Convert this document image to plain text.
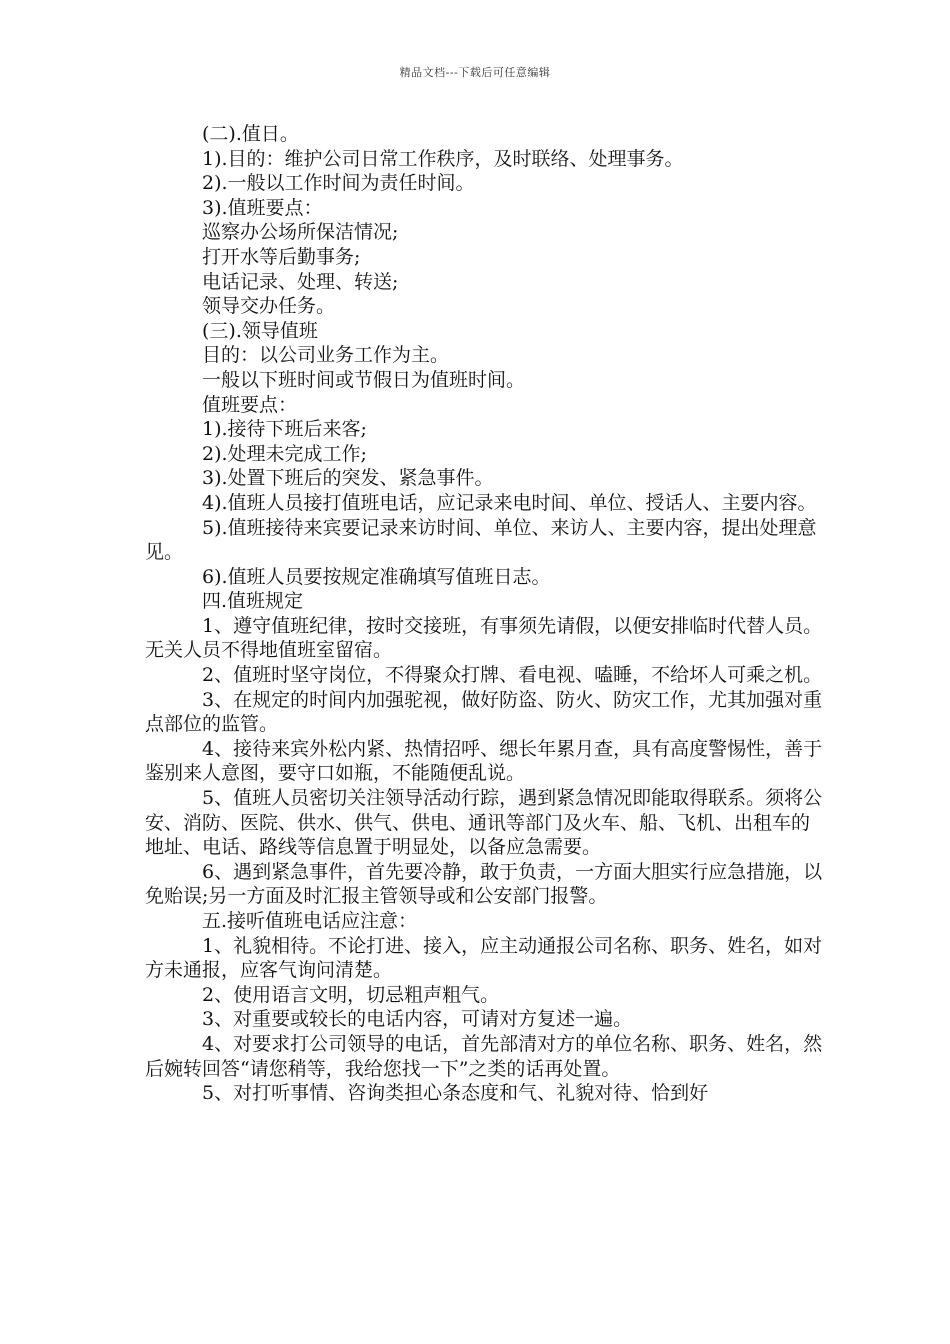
精品文档---下载后可任意编辑

(二).值日。

1).目的：维护公司日常工作秩序，及时联络、处理事务。

2).一般以工作时间为责任时间。

3).值班要点：

巡察办公场所保洁情况;

打开水等后勤事务;

电话记录、处理、转送;

领导交办任务。

(三).领导值班

目的：以公司业务工作为主。

一般以下班时间或节假日为值班时间。

值班要点：

1).接待下班后来客;

2).处理未完成工作;

3).处置下班后的突发、紧急事件。

4).值班人员接打值班电话，应记录来电时间、单位、授话人、主要内容。

5).值班接待来宾要记录来访时间、单位、来访人、主要内容，提出处理意见。

6).值班人员要按规定准确填写值班日志。

四.值班规定

1、遵守值班纪律，按时交接班，有事须先请假，以便安排临时代替人员。无关人员不得地值班室留宿。

2、值班时坚守岗位，不得聚众打牌、看电视、嗑睡，不给坏人可乘之机。

3、在规定的时间内加强驼视，做好防盗、防火、防灾工作，尤其加强对重点部位的监管。

4、接待来宾外松内紧、热情招呼、缌长年累月查，具有高度警惕性，善于鉴别来人意图，要守口如瓶，不能随便乱说。

5、值班人员密切关注领导活动行踪，遇到紧急情况即能取得联系。须将公安、消防、医院、供水、供气、供电、通讯等部门及火车、船、飞机、出租车的地址、电话、路线等信息置于明显处，以备应急需要。

6、遇到紧急事件，首先要冷静，敢于负责，一方面大胆实行应急措施，以免贻误;另一方面及时汇报主管领导或和公安部门报警。

五.接听值班电话应注意：

1、礼貌相待。不论打进、接入，应主动通报公司名称、职务、姓名，如对方未通报，应客气询问清楚。

2、使用语言文明，切忌粗声粗气。

3、对重要或较长的电话内容，可请对方复述一遍。

4、对要求打公司领导的电话，首先部清对方的单位名称、职务、姓名，然后婉转回答“请您稍等，我给您找一下”之类的话再处置。

5、对打听事情、咨询类担心条态度和气、礼貌对待、恰到好
